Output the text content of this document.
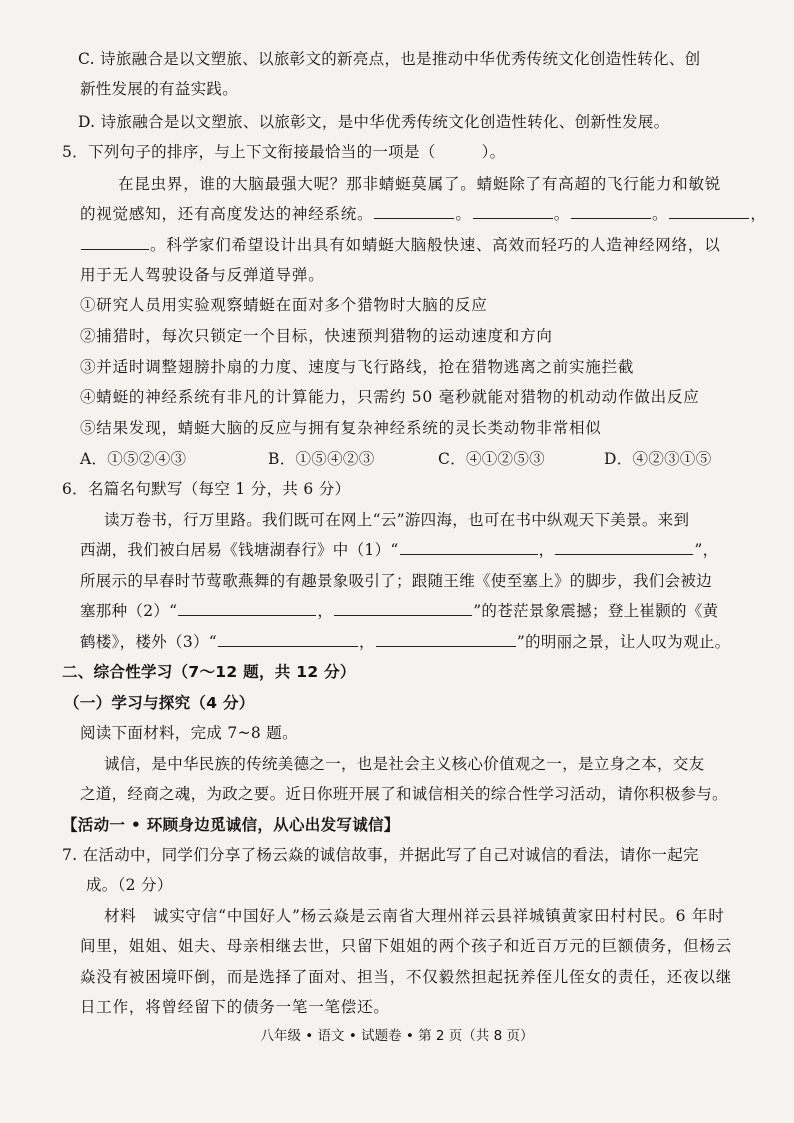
C. 诗旅融合是以文塑旅、以旅彰文的新亮点，也是推动中华优秀传统文化创造性转化、创
新性发展的有益实践。
D. 诗旅融合是以文塑旅、以旅彰文，是中华优秀传统文化创造性转化、创新性发展。
5．下列句子的排序，与上下文衔接最恰当的一项是（	）。
在昆虫界，谁的大脑最强大呢？那非蜻蜓莫属了。蜻蜓除了有高超的飞行能力和敏锐
的视觉感知，还有高度发达的神经系统。	。	。	。	，
。科学家们希望设计出具有如蜻蜓大脑般快速、高效而轻巧的人造神经网络，以
用于无人驾驶设备与反弹道导弹。
①研究人员用实验观察蜻蜓在面对多个猎物时大脑的反应
②捕猎时，每次只锁定一个目标，快速预判猎物的运动速度和方向
③并适时调整翅膀扑扇的力度、速度与飞行路线，抢在猎物逃离之前实施拦截
④蜻蜓的神经系统有非凡的计算能力，只需约 50 毫秒就能对猎物的机动动作做出反应
⑤结果发现，蜻蜓大脑的反应与拥有复杂神经系统的灵长类动物非常相似
A．①⑤②④③	B．①⑤④②③	C．④①②⑤③	D．④②③①⑤
6．名篇名句默写（每空 1 分，共 6 分）
读万卷书，行万里路。我们既可在网上“云”游四海，也可在书中纵观天下美景。来到
西湖，我们被白居易《钱塘湖春行》中（1）“	，	”，
所展示的早春时节莺歌燕舞的有趣景象吸引了；跟随王维《使至塞上》的脚步，我们会被边
塞那种（2）“	，	”的苍茫景象震撼；登上崔颢的《黄
鹤楼》，楼外（3）“	，	”的明丽之景，让人叹为观止。
二、综合性学习（7～12 题，共 12 分）
（一）学习与探究（4 分）
阅读下面材料，完成 7~8 题。
诚信，是中华民族的传统美德之一，也是社会主义核心价值观之一，是立身之本，交友
之道，经商之魂，为政之要。近日你班开展了和诚信相关的综合性学习活动，请你积极参与。
【活动一 • 环顾身边觅诚信，从心出发写诚信】
7. 在活动中，同学们分享了杨云焱的诚信故事，并据此写了自己对诚信的看法，请你一起完
成。（2 分）
材料　诚实守信“中国好人”杨云焱是云南省大理州祥云县祥城镇黄家田村村民。6 年时
间里，姐姐、姐夫、母亲相继去世，只留下姐姐的两个孩子和近百万元的巨额债务，但杨云
焱没有被困境吓倒，而是选择了面对、担当，不仅毅然担起抚养侄儿侄女的责任，还夜以继
日工作，将曾经留下的债务一笔一笔偿还。
八年级 • 语文 • 试题卷 • 第 2 页（共 8 页）
